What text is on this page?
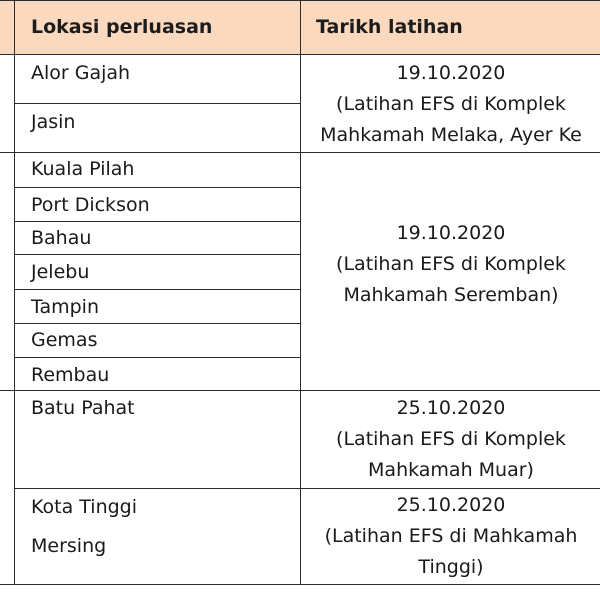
Lokasi perluasan	Tarikh latihan
Alor Gajah
Jasin
19.10.2020
(Latihan EFS di Komplek
Mahkamah Melaka, Ayer Ke
Kuala Pilah
Port Dickson
Bahau
Jelebu
Tampin
Gemas
Rembau
19.10.2020
(Latihan EFS di Komplek
Mahkamah Seremban)
Batu Pahat	25.10.2020
(Latihan EFS di Komplek
Mahkamah Muar)
Kota Tinggi
Mersing
25.10.2020
(Latihan EFS di Mahkamah
Tinggi)
